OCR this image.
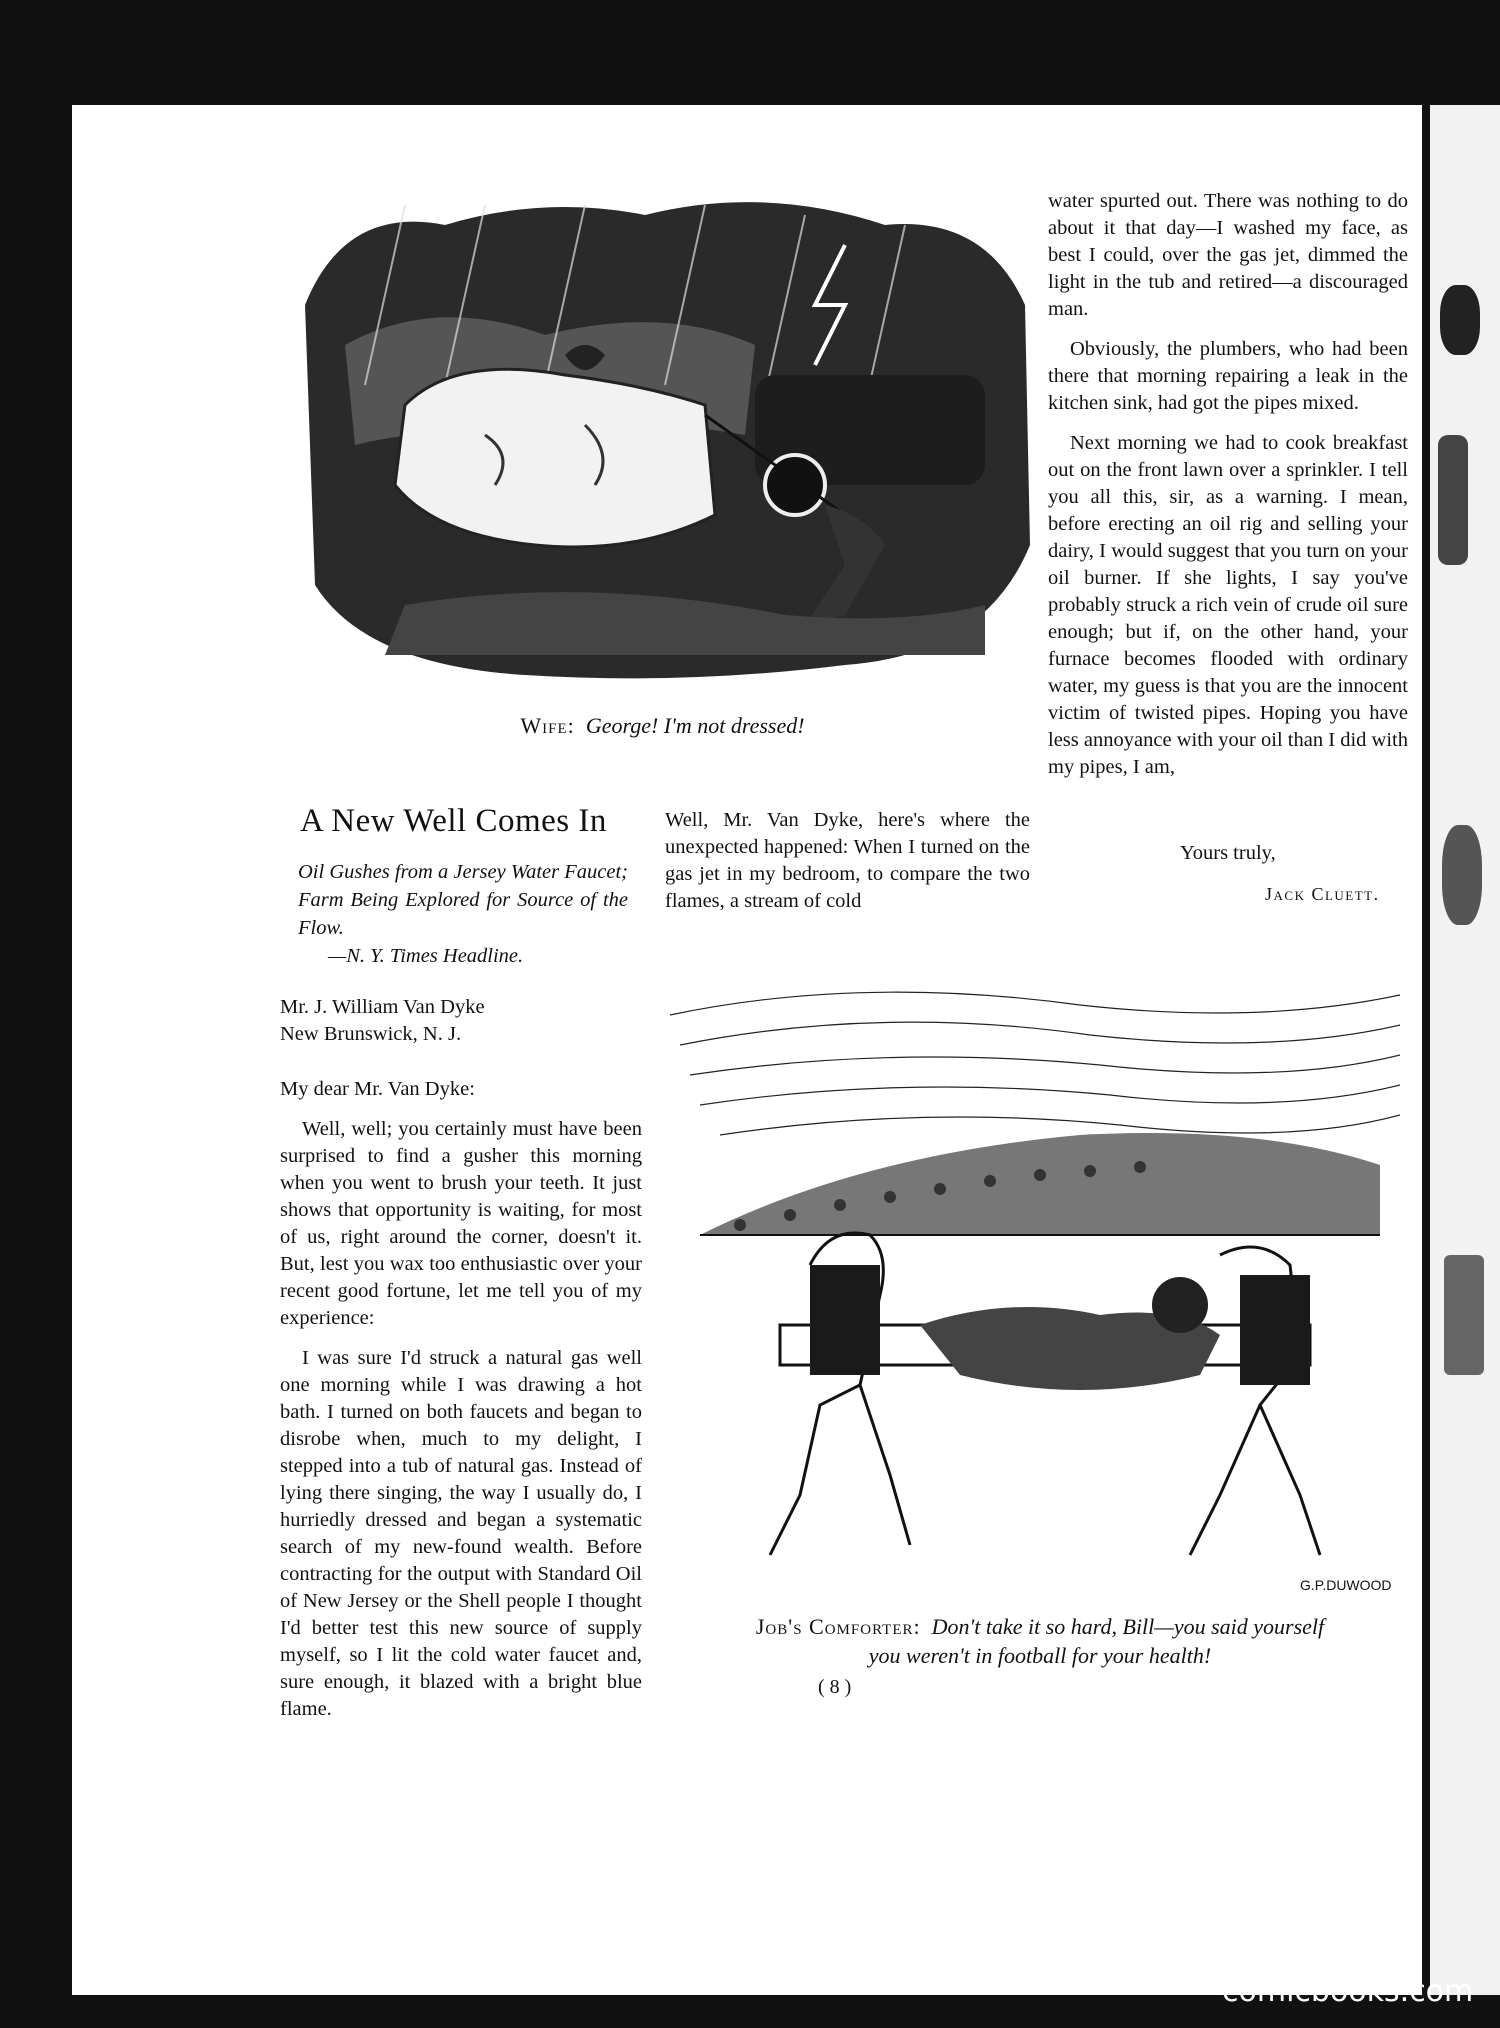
Wife: George! I'm not dressed!

water spurted out. There was nothing to do about it that day—I washed my face, as best I could, over the gas jet, dimmed the light in the tub and retired—a discouraged man.

Obviously, the plumbers, who had been there that morning repairing a leak in the kitchen sink, had got the pipes mixed.

Next morning we had to cook breakfast out on the front lawn over a sprinkler. I tell you all this, sir, as a warning. I mean, before erecting an oil rig and selling your dairy, I would suggest that you turn on your oil burner. If she lights, I say you've probably struck a rich vein of crude oil sure enough; but if, on the other hand, your furnace becomes flooded with ordinary water, my guess is that you are the innocent victim of twisted pipes. Hoping you have less annoyance with your oil than I did with my pipes, I am,

Yours truly,
Jack Cluett.
A New Well Comes In
Oil Gushes from a Jersey Water Faucet; Farm Being Explored for Source of the Flow.
—N. Y. Times Headline.
Mr. J. William Van Dyke
New Brunswick, N. J.

My dear Mr. Van Dyke:

Well, well; you certainly must have been surprised to find a gusher this morning when you went to brush your teeth. It just shows that opportunity is waiting, for most of us, right around the corner, doesn't it. But, lest you wax too enthusiastic over your recent good fortune, let me tell you of my experience:

I was sure I'd struck a natural gas well one morning while I was drawing a hot bath. I turned on both faucets and began to disrobe when, much to my delight, I stepped into a tub of natural gas. Instead of lying there singing, the way I usually do, I hurriedly dressed and began a systematic search of my new-found wealth. Before contracting for the output with Standard Oil of New Jersey or the Shell people I thought I'd better test this new source of supply myself, so I lit the cold water faucet and, sure enough, it blazed with a bright blue flame.

Well, Mr. Van Dyke, here's where the unexpected happened: When I turned on the gas jet in my bedroom, to compare the two flames, a stream of cold

G.P.DUWOOD
Job's Comforter: Don't take it so hard, Bill—you said yourself
you weren't in football for your health!
( 8 )
comicbooks.com
